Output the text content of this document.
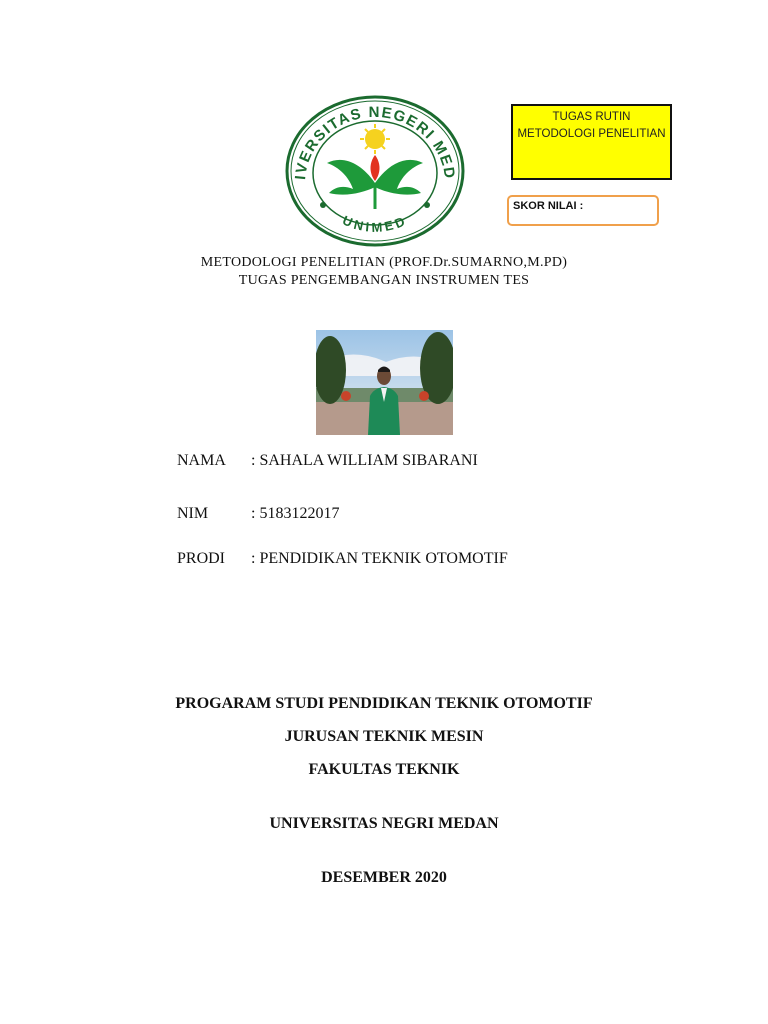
IVERSITAS NEGERI MED
UNIMED
TUGAS RUTIN
METODOLOGI PENELITIAN
SKOR NILAI :
METODOLOGI PENELITIAN (PROF.Dr.SUMARNO,M.PD)
TUGAS PENGEMBANGAN INSTRUMEN TES
NAMA : SAHALA WILLIAM SIBARANI
NIM	: 5183122017
PRODI : PENDIDIKAN TEKNIK OTOMOTIF
PROGARAM STUDI PENDIDIKAN TEKNIK OTOMOTIF
JURUSAN TEKNIK MESIN
FAKULTAS TEKNIK
UNIVERSITAS NEGRI MEDAN
DESEMBER 2020
